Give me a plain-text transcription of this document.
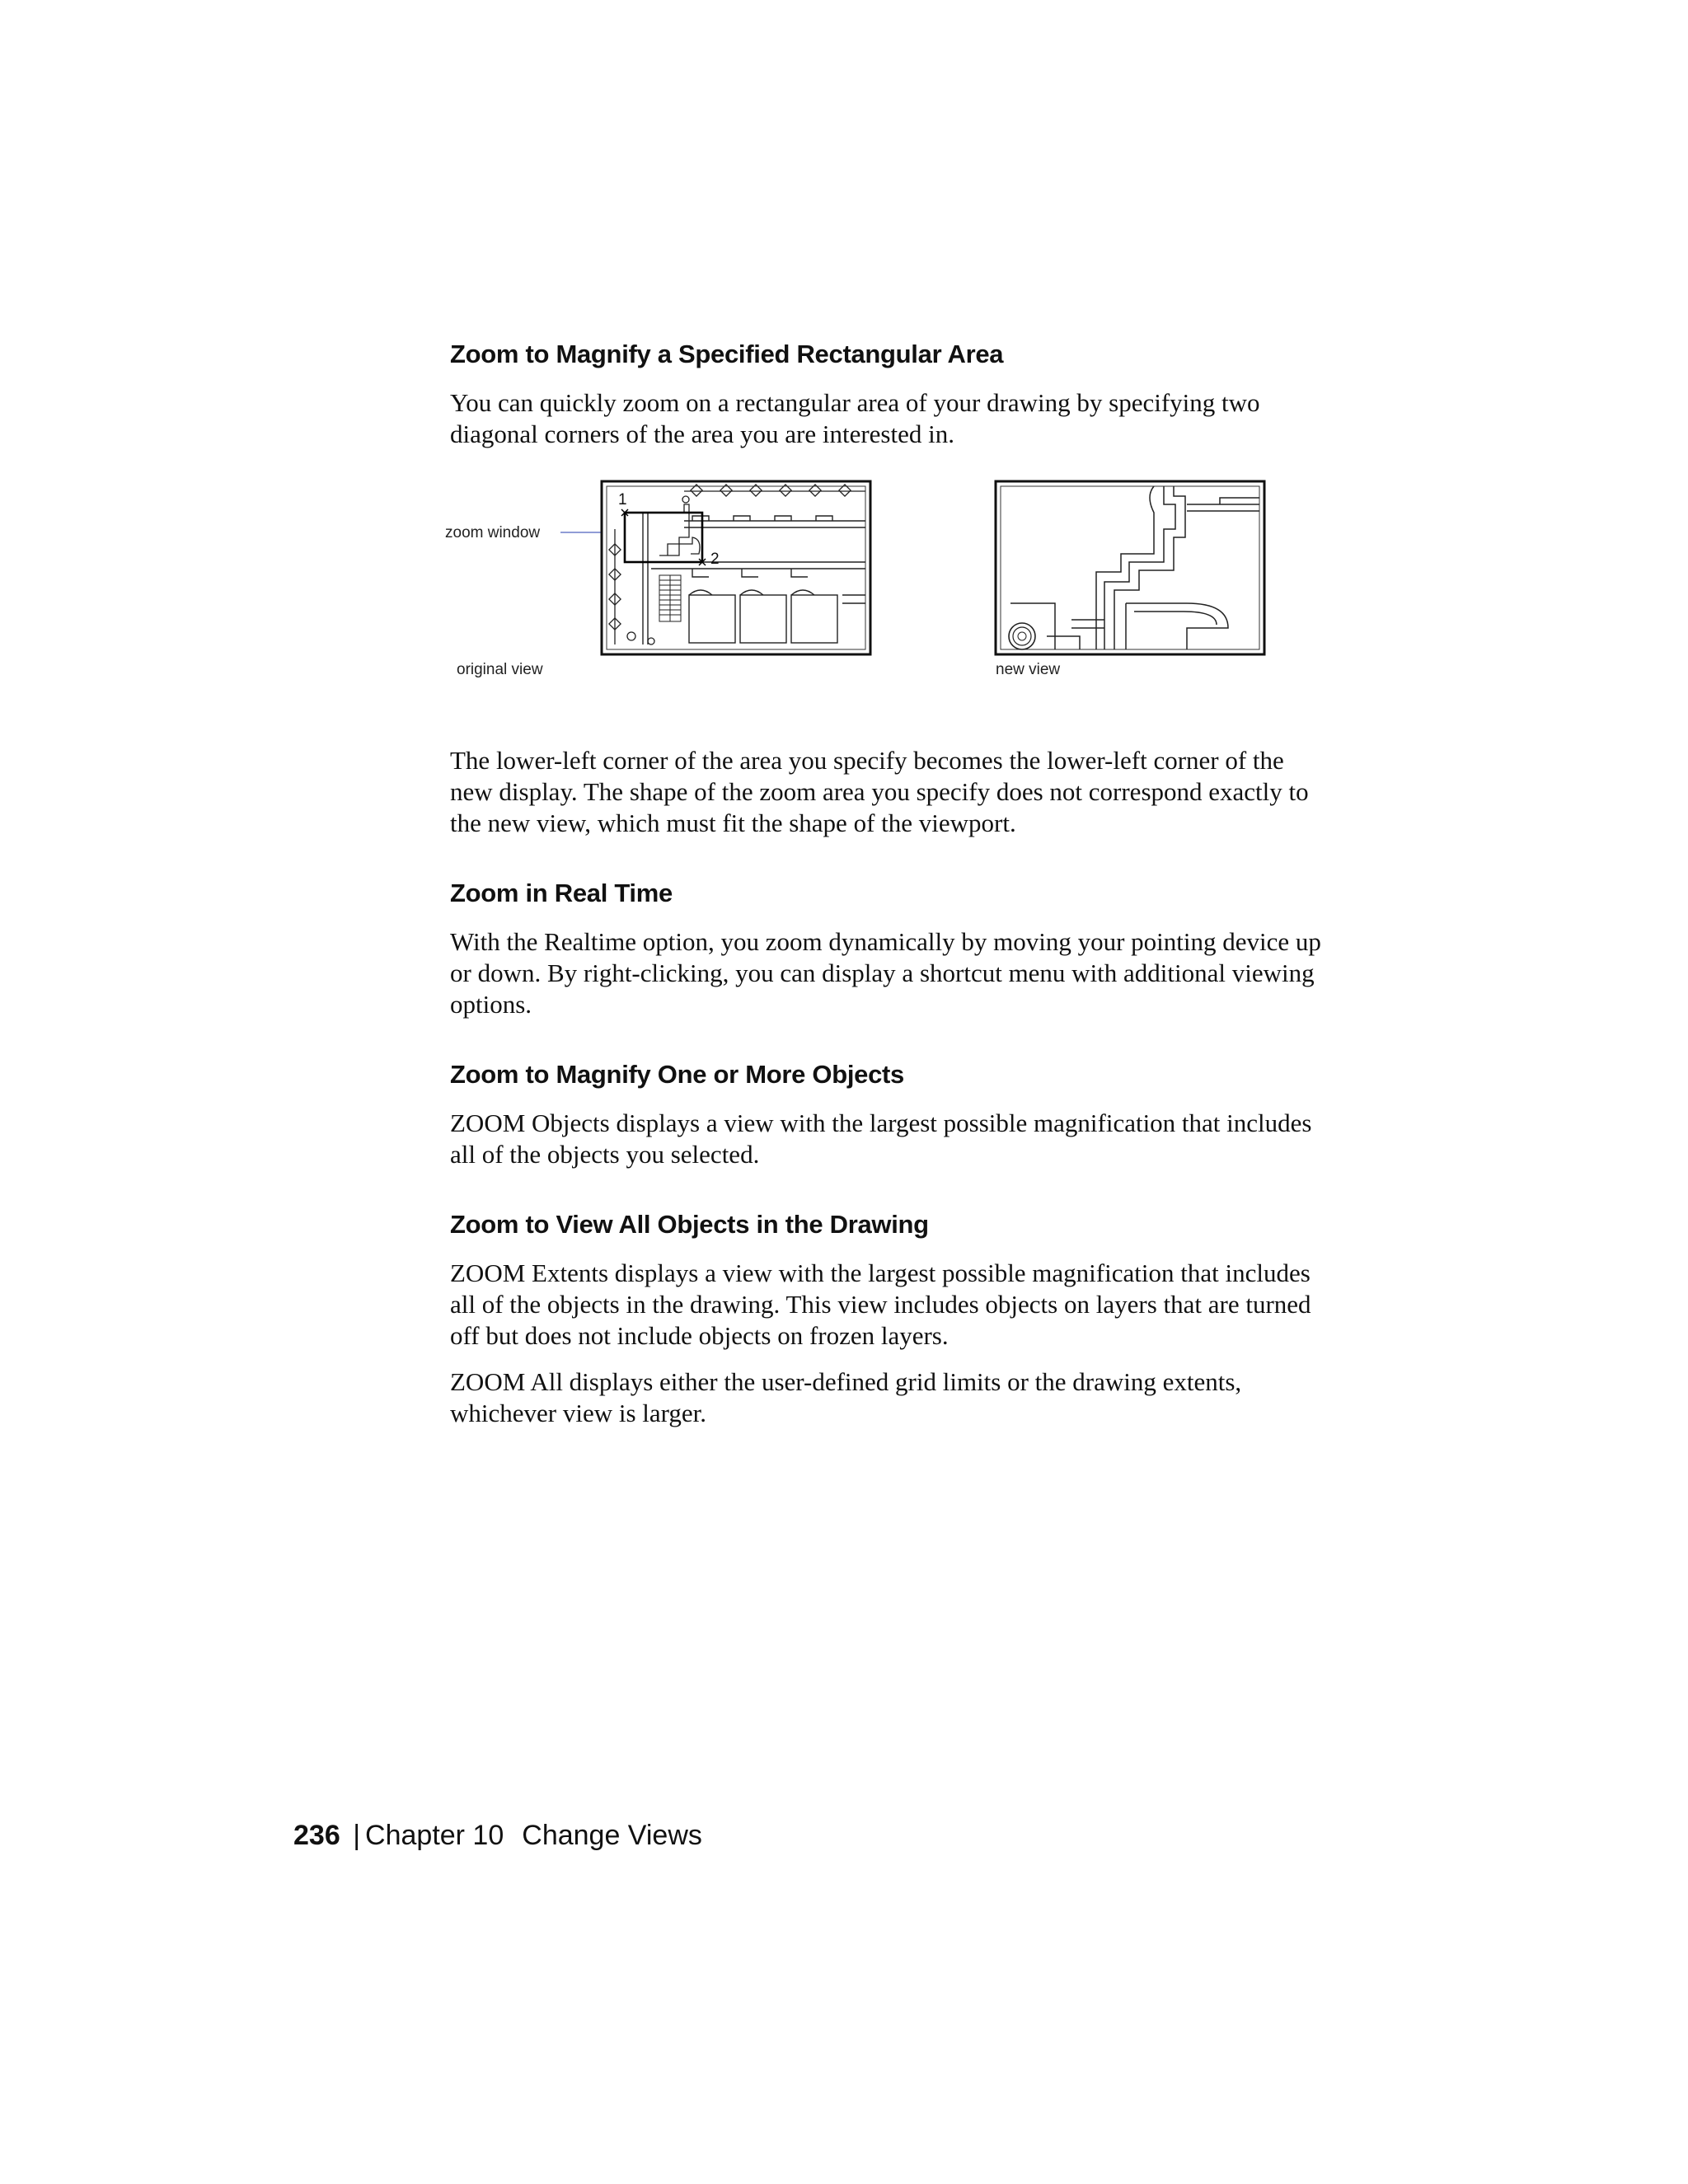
Zoom to Magnify a Specified Rectangular Area

You can quickly zoom on a rectangular area of your drawing by specifying two diagonal corners of the area you are interested in.

original view	new view
zoom window
1
2

The lower-left corner of the area you specify becomes the lower-left corner of the new display. The shape of the zoom area you specify does not correspond exactly to the new view, which must fit the shape of the viewport.

Zoom in Real Time

With the Realtime option, you zoom dynamically by moving your pointing device up or down. By right-clicking, you can display a shortcut menu with additional viewing options.

Zoom to Magnify One or More Objects

ZOOM Objects displays a view with the largest possible magnification that includes all of the objects you selected.

Zoom to View All Objects in the Drawing

ZOOM Extents displays a view with the largest possible magnification that includes all of the objects in the drawing. This view includes objects on layers that are turned off but does not include objects on frozen layers.

ZOOM All displays either the user-defined grid limits or the drawing extents, whichever view is larger.

236 | Chapter 10 Change Views
